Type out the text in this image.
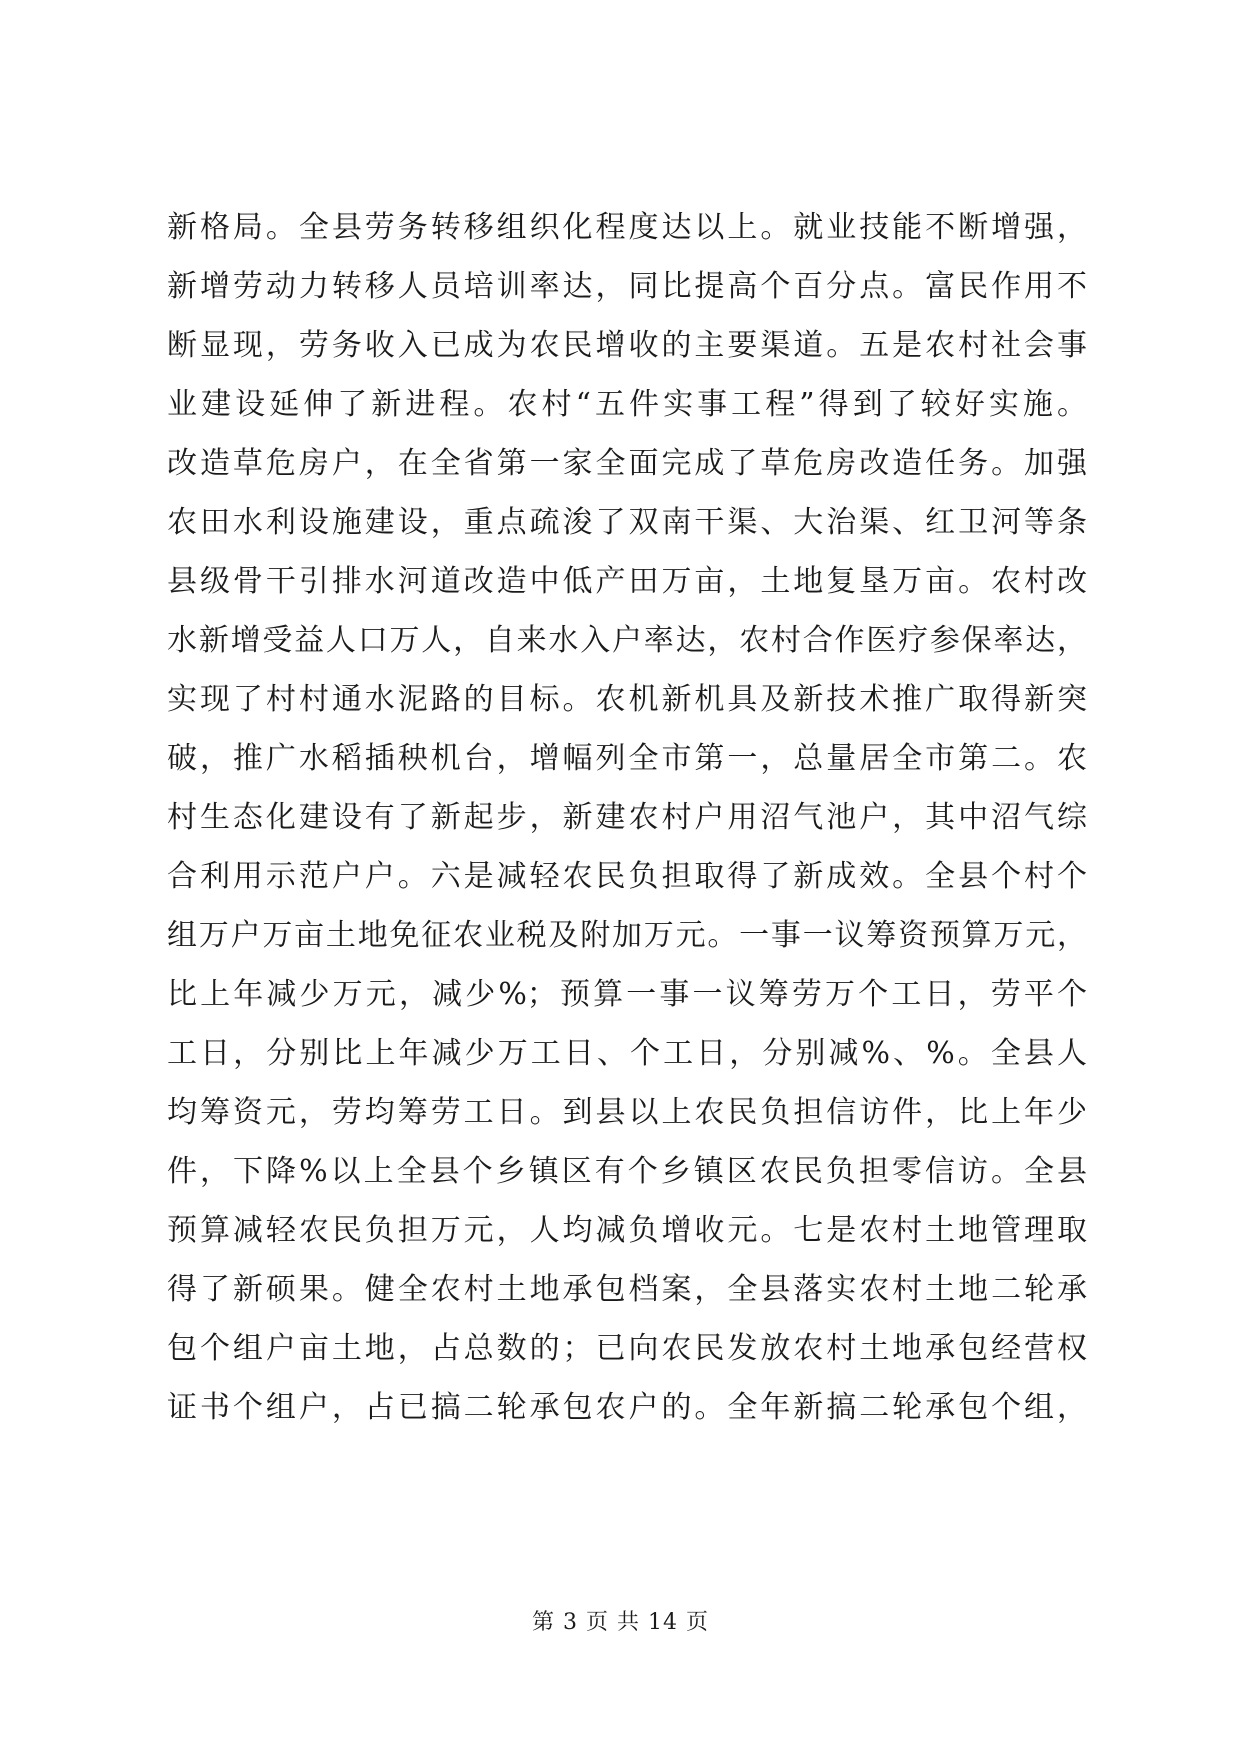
新格局。全县劳务转移组织化程度达以上。就业技能不断增强，
新增劳动力转移人员培训率达，同比提高个百分点。富民作用不
断显现，劳务收入已成为农民增收的主要渠道。五是农村社会事
业建设延伸了新进程。农村“五件实事工程”得到了较好实施。
改造草危房户，在全省第一家全面完成了草危房改造任务。加强
农田水利设施建设，重点疏浚了双南干渠、大治渠、红卫河等条
县级骨干引排水河道改造中低产田万亩，土地复垦万亩。农村改
水新增受益人口万人，自来水入户率达，农村合作医疗参保率达，
实现了村村通水泥路的目标。农机新机具及新技术推广取得新突
破，推广水稻插秧机台，增幅列全市第一，总量居全市第二。农
村生态化建设有了新起步，新建农村户用沼气池户，其中沼气综
合利用示范户户。六是减轻农民负担取得了新成效。全县个村个
组万户万亩土地免征农业税及附加万元。一事一议筹资预算万元，
比上年减少万元，减少%；预算一事一议筹劳万个工日，劳平个
工日，分别比上年减少万工日、个工日，分别减%、%。全县人
均筹资元，劳均筹劳工日。到县以上农民负担信访件，比上年少
件，下降%以上全县个乡镇区有个乡镇区农民负担零信访。全县
预算减轻农民负担万元，人均减负增收元。七是农村土地管理取
得了新硕果。健全农村土地承包档案，全县落实农村土地二轮承
包个组户亩土地，占总数的；已向农民发放农村土地承包经营权
证书个组户，占已搞二轮承包农户的。全年新搞二轮承包个组，
第 3 页 共 14 页
